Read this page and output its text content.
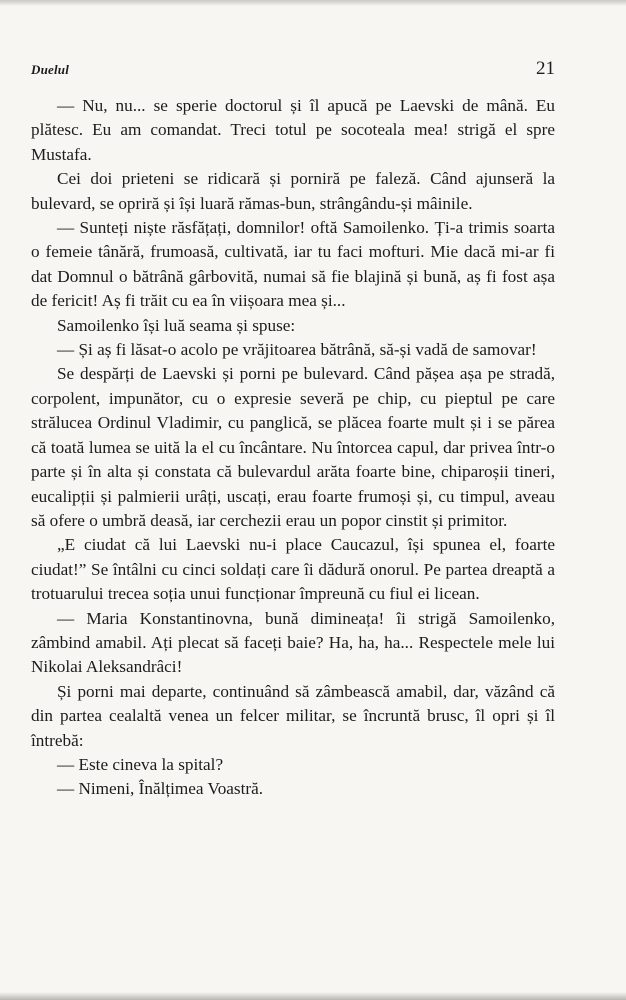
Duelul	21

— Nu, nu... se sperie doctorul și îl apucă pe Laevski de mână. Eu plătesc. Eu am comandat. Treci totul pe socoteala mea! strigă el spre Mustafa.

Cei doi prieteni se ridicară și porniră pe faleză. Când ajunseră la bulevard, se opriră și își luară rămas-bun, strângându-și mâinile.

— Sunteți niște răsfățați, domnilor! oftă Samoilenko. Ți-a trimis soarta o femeie tânără, frumoasă, cultivată, iar tu faci mofturi. Mie dacă mi-ar fi dat Domnul o bătrână gârbovită, numai să fie blajină și bună, aș fi fost așa de fericit! Aș fi trăit cu ea în viișoara mea și...

Samoilenko își luă seama și spuse:

— Și aș fi lăsat-o acolo pe vrăjitoarea bătrână, să-și vadă de samovar!

Se despărți de Laevski și porni pe bulevard. Când pășea așa pe stradă, corpolent, impunător, cu o expresie severă pe chip, cu pieptul pe care strălucea Ordinul Vladimir, cu panglică, se plăcea foarte mult și i se părea că toată lumea se uită la el cu încântare. Nu întorcea capul, dar privea într-o parte și în alta și constata că bulevardul arăta foarte bine, chiparoșii tineri, eucalipții și palmierii urâți, uscați, erau foarte frumoși și, cu timpul, aveau să ofere o umbră deasă, iar cerchezii erau un popor cinstit și primitor.

„E ciudat că lui Laevski nu-i place Caucazul, își spunea el, foarte ciudat!” Se întâlni cu cinci soldați care îi dădură onorul. Pe partea dreaptă a trotuarului trecea soția unui funcționar împreună cu fiul ei licean.

— Maria Konstantinovna, bună dimineața! îi strigă Samoilenko, zâmbind amabil. Ați plecat să faceți baie? Ha, ha, ha... Respectele mele lui Nikolai Aleksandrâci!

Și porni mai departe, continuând să zâmbească amabil, dar, văzând că din partea cealaltă venea un felcer militar, se încruntă brusc, îl opri și îl întrebă:

— Este cineva la spital?

— Nimeni, Înălțimea Voastră.
